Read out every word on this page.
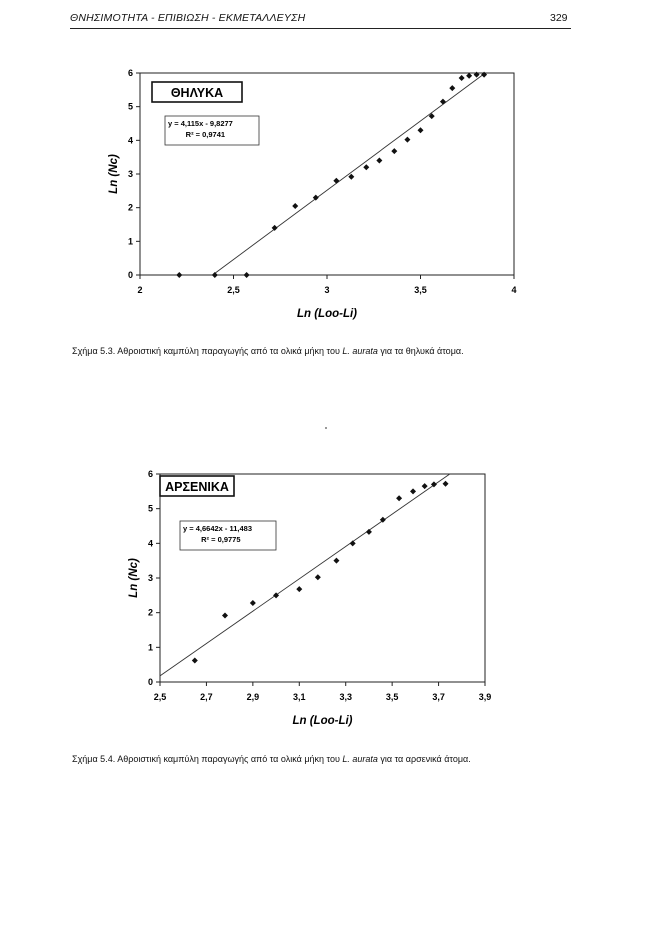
ΘΝΗΣΙΜΟΤΗΤΑ - ΕΠΙΒΙΩΣΗ - ΕΚΜΕΤΑΛΛΕΥΣΗ	329
0
1
2
3
4
5
6
2	2,5	3	3,5	4
Ln (Loo-Li)
Ln (Nc)
ΘΗΛΥΚΑ
y = 4,115x - 9,8277
R² = 0,9741
Σχήμα 5.3. Αθροιστική καμπύλη παραγωγής από τα ολικά μήκη του L. aurata για τα θηλυκά άτομα.
0
1
2
3
4
5
6
2,5	2,7	2,9	3,1	3,3	3,5	3,7	3,9
Ln (Loo-Li)
Ln (Nc)
ΑΡΣΕΝΙΚΑ
y = 4,6642x - 11,483
R² = 0,9775
Σχήμα 5.4. Αθροιστική καμπύλη παραγωγής από τα ολικά μήκη του L. aurata για τα αρσενικά άτομα.
